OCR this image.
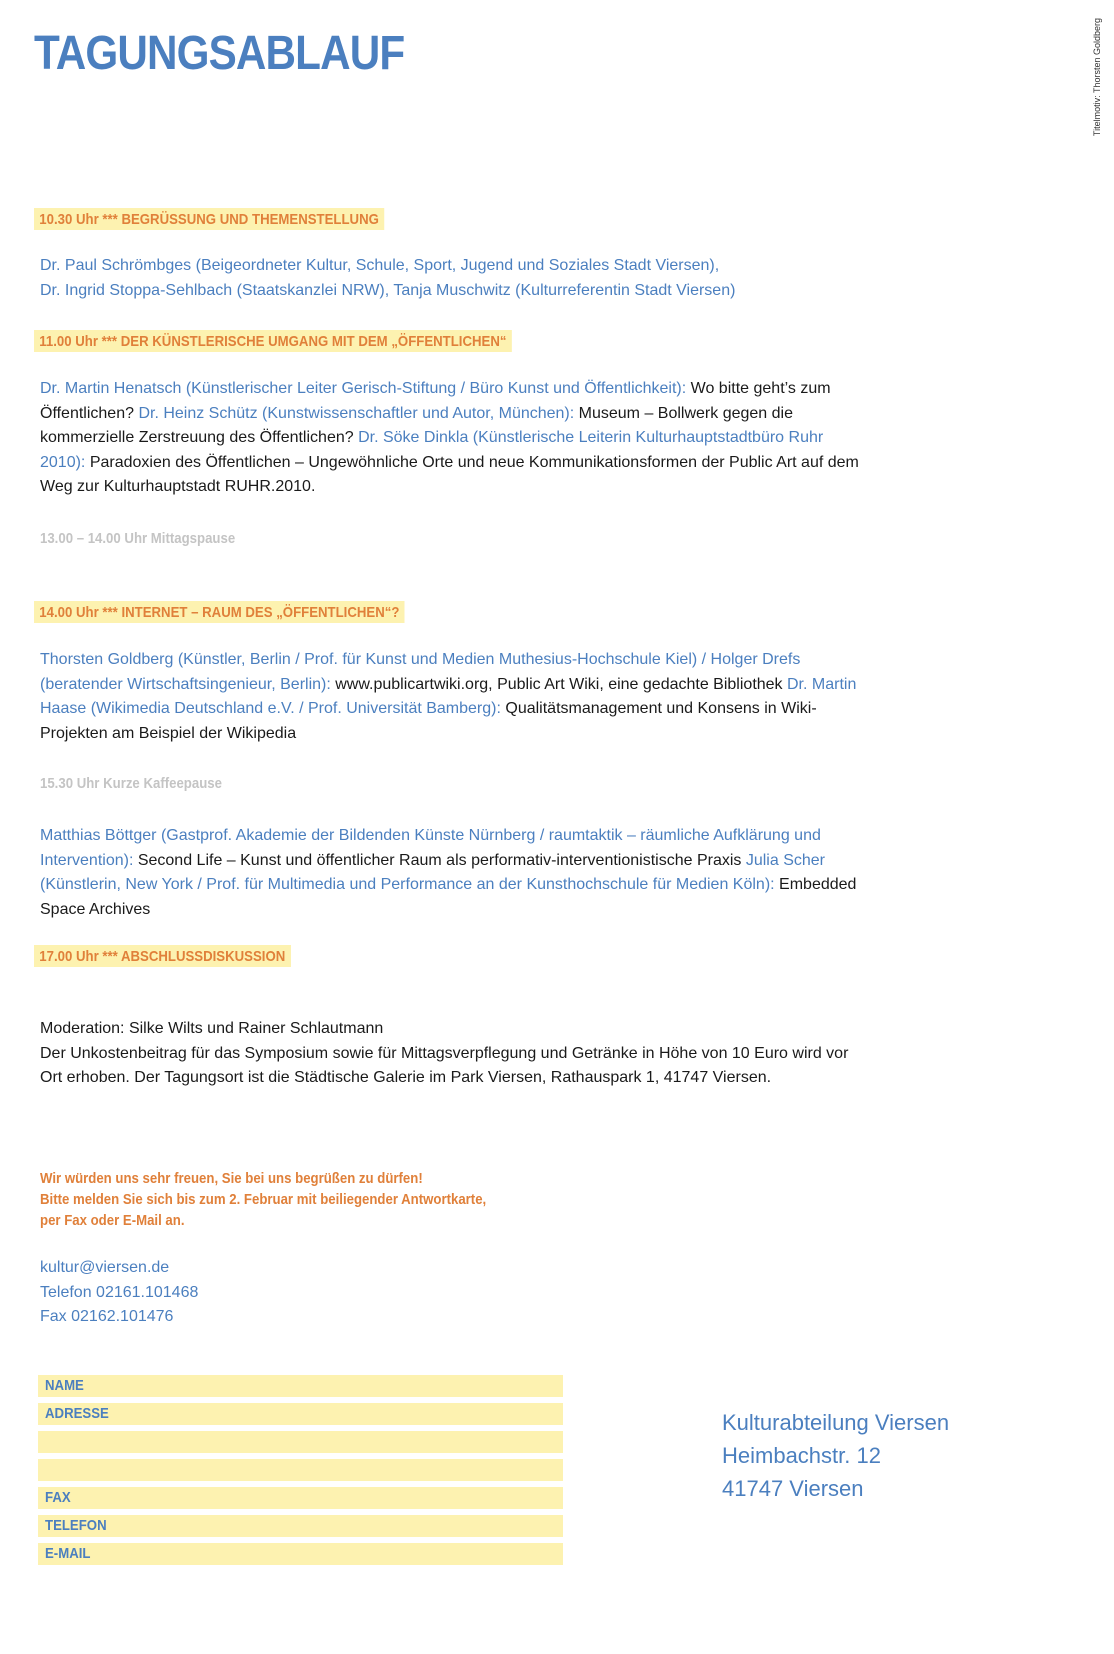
TAGUNGSABLAUF	Titelmotiv: Thorsten Goldberg
10.30 Uhr *** BEGRÜSSUNG UND THEMENSTELLUNG
Dr. Paul Schrömbges (Beigeordneter Kultur, Schule, Sport, Jugend und Soziales Stadt Viersen),
Dr. Ingrid Stoppa-Sehlbach (Staatskanzlei NRW), Tanja Muschwitz (Kulturreferentin Stadt Viersen)
11.00 Uhr *** DER KÜNSTLERISCHE UMGANG MIT DEM „ÖFFENTLICHEN“
Dr. Martin Henatsch (Künstlerischer Leiter Gerisch-Stiftung / Büro Kunst und Öffentlichkeit): Wo bitte geht’s zum Öffentlichen? Dr. Heinz Schütz (Kunstwissenschaftler und Autor, München): Museum – Bollwerk gegen die kommerzielle Zerstreuung des Öffentlichen? Dr. Söke Dinkla (Künstlerische Leiterin Kulturhauptstadtbüro Ruhr 2010): Paradoxien des Öffentlichen – Ungewöhnliche Orte und neue Kommunikationsformen der Public Art auf dem Weg zur Kulturhauptstadt RUHR.2010.
13.00 – 14.00 Uhr Mittagspause
14.00 Uhr *** INTERNET – RAUM DES „ÖFFENTLICHEN“?
Thorsten Goldberg (Künstler, Berlin / Prof. für Kunst und Medien Muthesius-Hochschule Kiel) / Holger Drefs (beratender Wirtschaftsingenieur, Berlin): www.publicartwiki.org, Public Art Wiki, eine gedachte Bibliothek Dr. Martin Haase (Wikimedia Deutschland e.V. / Prof. Universität Bamberg): Qualitätsmanagement und Konsens in Wiki-Projekten am Beispiel der Wikipedia
15.30 Uhr Kurze Kaffeepause
Matthias Böttger (Gastprof. Akademie der Bildenden Künste Nürnberg / raumtaktik – räumliche Aufklärung und Intervention): Second Life – Kunst und öffentlicher Raum als performativ-interventionistische Praxis Julia Scher (Künstlerin, New York / Prof. für Multimedia und Performance an der Kunsthochschule für Medien Köln): Embedded Space Archives
17.00 Uhr *** ABSCHLUSSDISKUSSION
Moderation: Silke Wilts und Rainer Schlautmann
Der Unkostenbeitrag für das Symposium sowie für Mittagsverpflegung und Getränke in Höhe von 10 Euro wird vor Ort erhoben. Der Tagungsort ist die Städtische Galerie im Park Viersen, Rathauspark 1, 41747 Viersen.
Wir würden uns sehr freuen, Sie bei uns begrüßen zu dürfen!
Bitte melden Sie sich bis zum 2. Februar mit beiliegender Antwortkarte,
per Fax oder E-Mail an.
kultur@viersen.de
Telefon 02161.101468
Fax 02162.101476
NAME
ADRESSE
FAX
TELEFON
E-MAIL
Kulturabteilung Viersen
Heimbachstr. 12
41747 Viersen
